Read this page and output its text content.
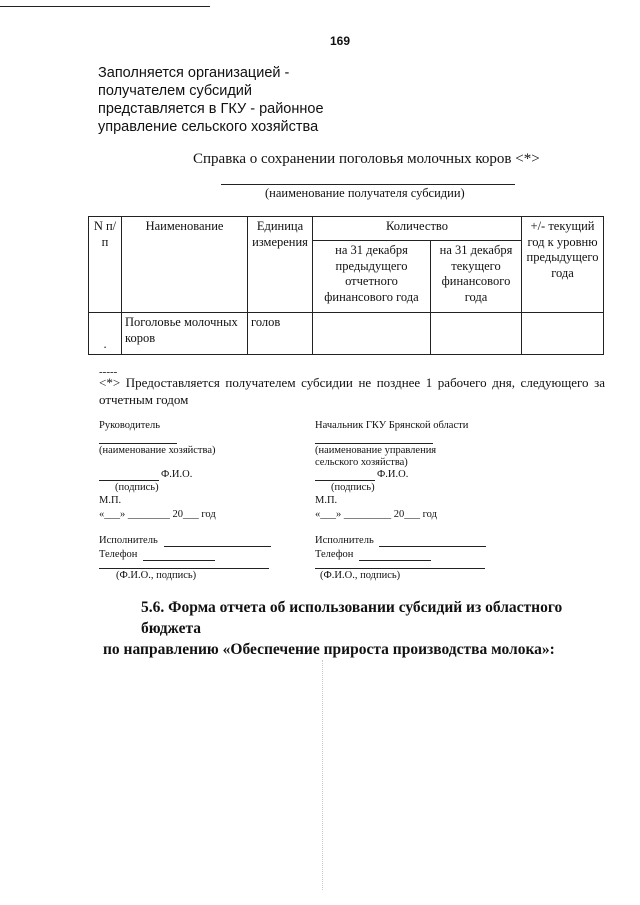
169
Заполняется организацией -
получателем субсидий
представляется в ГКУ - районное
управление сельского хозяйства
Справка о сохранении поголовья молочных коров <*>
(наименование получателя субсидии)
N п/п	Наименование	Единица измерения	Количество		+/- текущий год к уровню предыдущего года
			на 31 декабря предыдущего отчетного финансового года	на 31 декабря текущего финансового года	
.	Поголовье молочных коров	голов			
-----
<*> Предоставляется получателем субсидии не позднее 1 рабочего дня, следующего за отчетным годом
Руководитель
(наименование хозяйства)
Ф.И.О.
(подпись)
М.П.
«___» ________ 20___ год
Исполнитель
Телефон
(Ф.И.О., подпись)
Начальник ГКУ Брянской области
(наименование управления
сельского хозяйства)
Ф.И.О.
(подпись)
М.П.
«___» _________ 20___ год
Исполнитель
Телефон
(Ф.И.О., подпись)
5.6. Форма отчета об использовании субсидий из областного бюджета
по направлению «Обеспечение прироста производства молока»:
